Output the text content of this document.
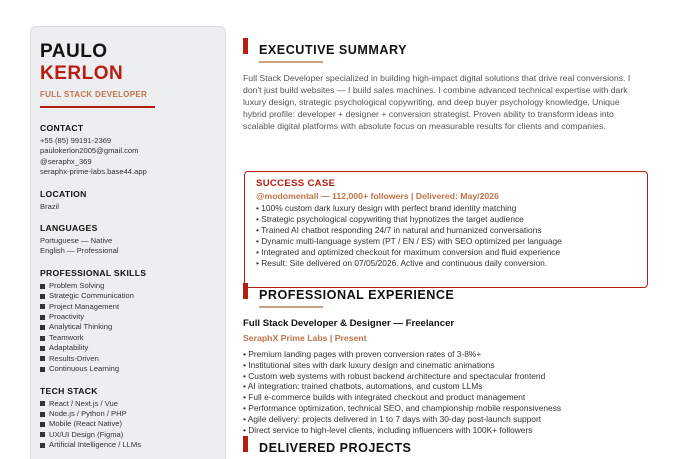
PAULO
KERLON
FULL STACK DEVELOPER
CONTACT
+55 (85) 99191-2369
paulokerlon2005@gmail.com
@seraphx_369
seraphx-prime-labs.base44.app
LOCATION
Brazil
LANGUAGES
Portuguese — Native
English — Professional
PROFESSIONAL SKILLS
Problem Solving
Strategic Communication
Project Management
Proactivity
Analytical Thinking
Teamwork
Adaptability
Results-Driven
Continuous Learning
TECH STACK
React / Next.js / Vue
Node.js / Python / PHP
Mobile (React Native)
UX/UI Design (Figma)
Artificial Intelligence / LLMs
EXECUTIVE SUMMARY
Full Stack Developer specialized in building high-impact digital solutions that drive real conversions. I don't just build websites — I build sales machines. I combine advanced technical expertise with dark luxury design, strategic psychological copywriting, and deep buyer psychology knowledge. Unique hybrid profile: developer + designer + conversion strategist. Proven ability to transform ideas into scalable digital platforms with absolute focus on measurable results for clients and companies.
SUCCESS CASE
@modomentall — 112,000+ followers | Delivered: May/2026
• 100% custom dark luxury design with perfect brand identity matching
• Strategic psychological copywriting that hypnotizes the target audience
• Trained AI chatbot responding 24/7 in natural and humanized conversations
• Dynamic multi-language system (PT / EN / ES) with SEO optimized per language
• Integrated and optimized checkout for maximum conversion and fluid experience
• Result: Site delivered on 07/05/2026. Active and continuous daily conversion.
PROFESSIONAL EXPERIENCE
Full Stack Developer & Designer — Freelancer
SeraphX Prime Labs | Present
• Premium landing pages with proven conversion rates of 3-8%+
• Institutional sites with dark luxury design and cinematic animations
• Custom web systems with robust backend architecture and spectacular frontend
• AI integration: trained chatbots, automations, and custom LLMs
• Full e-commerce builds with integrated checkout and product management
• Performance optimization, technical SEO, and championship mobile responsiveness
• Agile delivery: projects delivered in 1 to 7 days with 30-day post-launch support
• Direct service to high-level clients, including influencers with 100K+ followers
DELIVERED PROJECTS
